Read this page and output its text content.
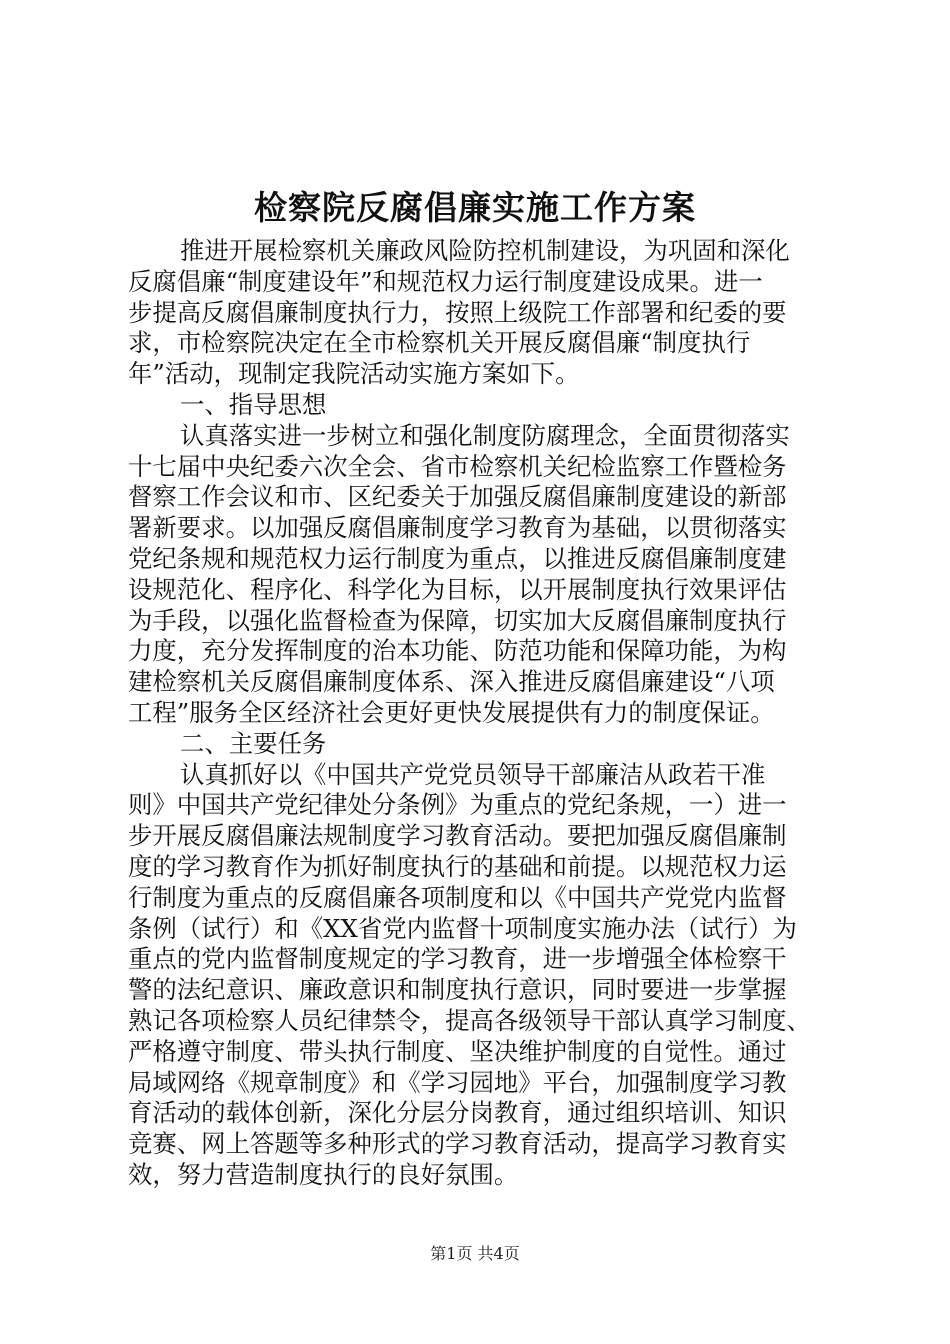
检察院反腐倡廉实施工作方案
推进开展检察机关廉政风险防控机制建设，为巩固和深化
反腐倡廉“制度建设年”和规范权力运行制度建设成果。进一
步提高反腐倡廉制度执行力，按照上级院工作部署和纪委的要
求，市检察院决定在全市检察机关开展反腐倡廉“制度执行
年”活动，现制定我院活动实施方案如下。
一、指导思想
认真落实进一步树立和强化制度防腐理念，全面贯彻落实
十七届中央纪委六次全会、省市检察机关纪检监察工作暨检务
督察工作会议和市、区纪委关于加强反腐倡廉制度建设的新部
署新要求。以加强反腐倡廉制度学习教育为基础，以贯彻落实
党纪条规和规范权力运行制度为重点，以推进反腐倡廉制度建
设规范化、程序化、科学化为目标，以开展制度执行效果评估
为手段，以强化监督检查为保障，切实加大反腐倡廉制度执行
力度，充分发挥制度的治本功能、防范功能和保障功能，为构
建检察机关反腐倡廉制度体系、深入推进反腐倡廉建设“八项
工程”服务全区经济社会更好更快发展提供有力的制度保证。
二、主要任务
认真抓好以《中国共产党党员领导干部廉洁从政若干准
则》中国共产党纪律处分条例》为重点的党纪条规，一）进一
步开展反腐倡廉法规制度学习教育活动。要把加强反腐倡廉制
度的学习教育作为抓好制度执行的基础和前提。以规范权力运
行制度为重点的反腐倡廉各项制度和以《中国共产党党内监督
条例（试行）和《XX省党内监督十项制度实施办法（试行）为
重点的党内监督制度规定的学习教育，进一步增强全体检察干
警的法纪意识、廉政意识和制度执行意识，同时要进一步掌握
熟记各项检察人员纪律禁令，提高各级领导干部认真学习制度、
严格遵守制度、带头执行制度、坚决维护制度的自觉性。通过
局域网络《规章制度》和《学习园地》平台，加强制度学习教
育活动的载体创新，深化分层分岗教育，通过组织培训、知识
竞赛、网上答题等多种形式的学习教育活动，提高学习教育实
效，努力营造制度执行的良好氛围。
第1页 共4页
